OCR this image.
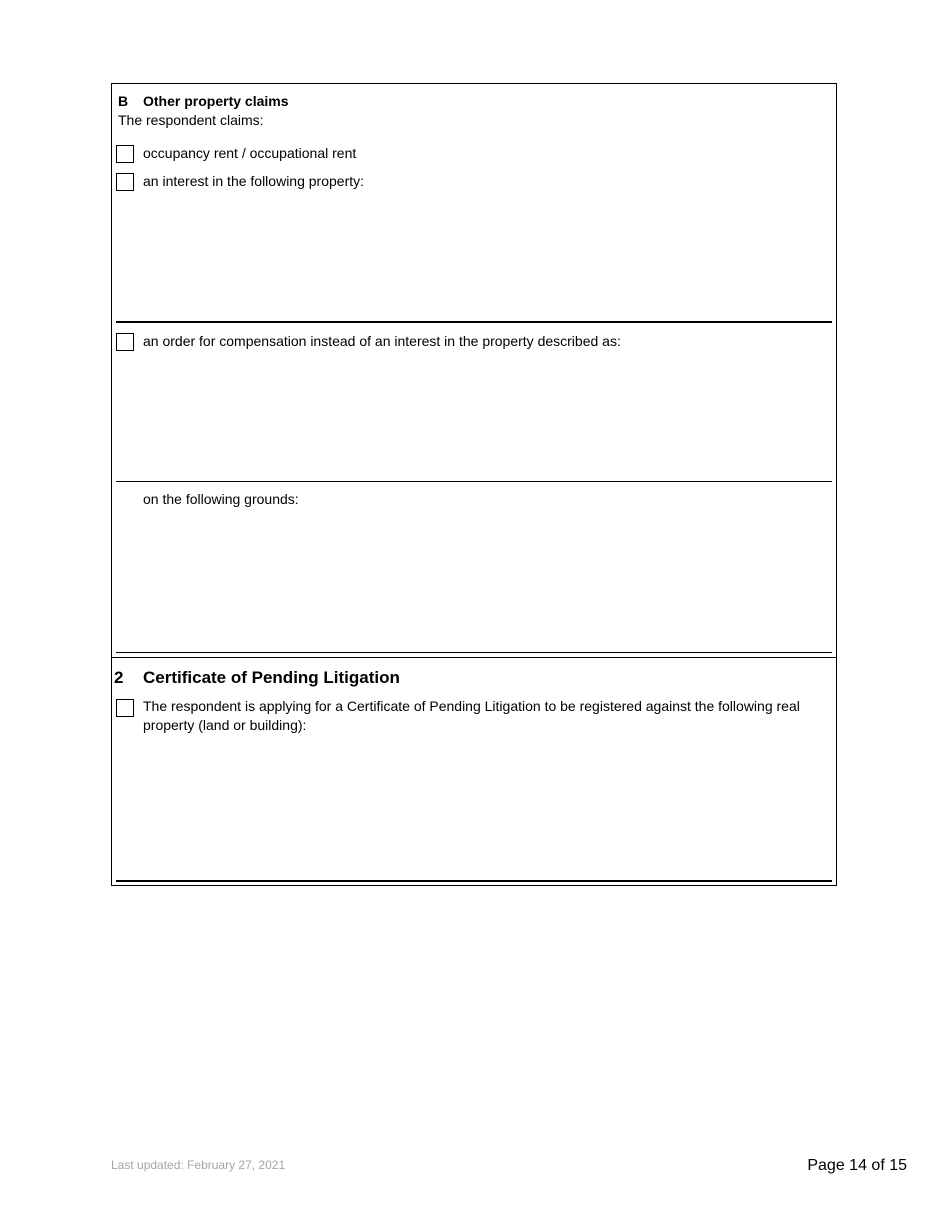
B Other property claims
The respondent claims:
occupancy rent / occupational rent
an interest in the following property:
an order for compensation instead of an interest in the property described as:
on the following grounds:
2 Certificate of Pending Litigation
The respondent is applying for a Certificate of Pending Litigation to be registered against the following real
property (land or building):
Last updated: February 27, 2021	Page 14 of 15
